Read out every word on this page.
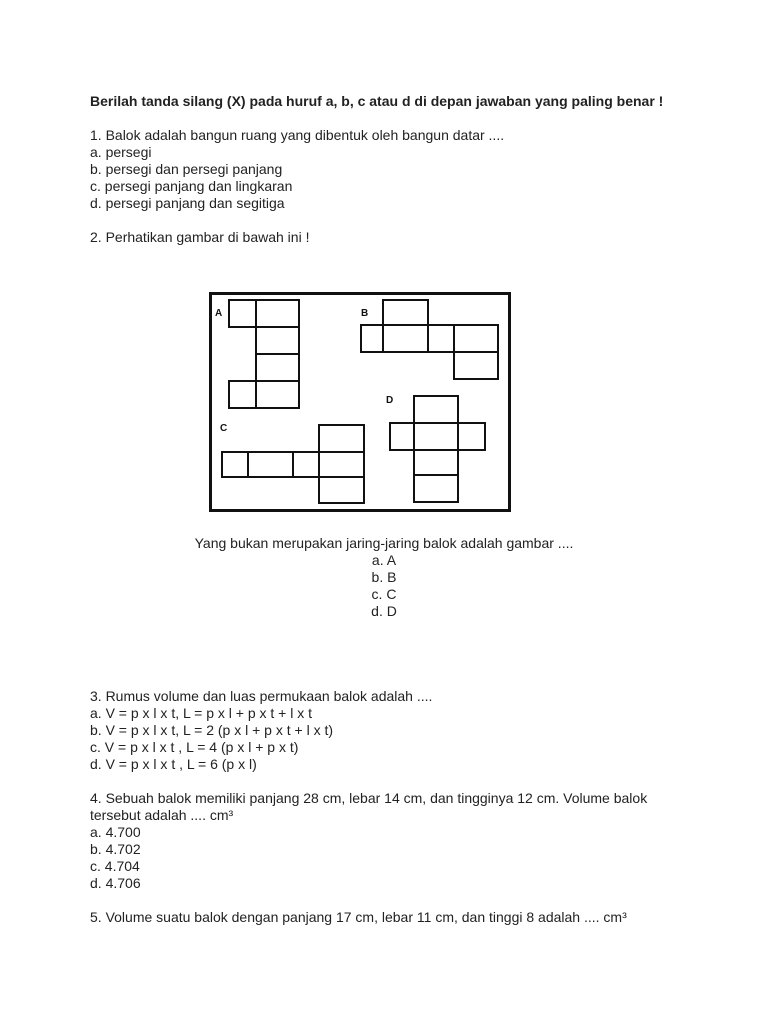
Berilah tanda silang (X) pada huruf a, b, c atau d di depan jawaban yang paling benar !

1. Balok adalah bangun ruang yang dibentuk oleh bangun datar ....

a. persegi

b. persegi dan persegi panjang

c. persegi panjang dan lingkaran

d. persegi panjang dan segitiga

2. Perhatikan gambar di bawah ini !

A	B
C
D

Yang bukan merupakan jaring-jaring balok adalah gambar ....

a. A

b. B

c. C

d. D

3. Rumus volume dan luas permukaan balok adalah ....

a. V = p x l x t, L = p x l + p x t + l x t

b. V = p x l x t, L = 2 (p x l + p x t + l x t)

c. V = p x l x t , L = 4 (p x l + p x t)

d. V = p x l x t , L = 6 (p x l)

4. Sebuah balok memiliki panjang 28 cm, lebar 14 cm, dan tingginya 12 cm. Volume balok

tersebut adalah .... cm³

a. 4.700

b. 4.702

c. 4.704

d. 4.706

5. Volume suatu balok dengan panjang 17 cm, lebar 11 cm, dan tinggi 8 adalah .... cm³
